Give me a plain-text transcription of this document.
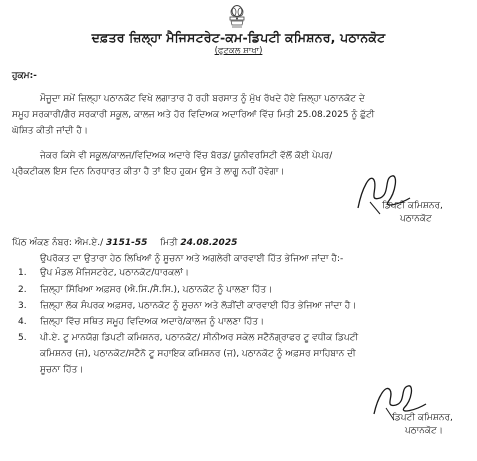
ਦਫ਼ਤਰ ਜ਼ਿਲ੍ਹਾ ਮੈਜਿਸਟਰੇਟ-ਕਮ-ਡਿਪਟੀ ਕਮਿਸ਼ਨਰ, ਪਠਾਨਕੋਟ
(ਫੁਟਕਲ ਸ਼ਾਖਾ)
ਹੁਕਮ:-
ਮੌਜੂਦਾ ਸਮੇਂ ਜ਼ਿਲ੍ਹਾ ਪਠਾਨਕੋਟ ਵਿਖੇ ਲਗਾਤਾਰ ਹੋ ਰਹੀ ਬਰਸਾਤ ਨੂੰ ਮੁੱਖ ਰੱਖਦੇ ਹੋਏ ਜ਼ਿਲ੍ਹਾ ਪਠਾਨਕੋਟ ਦੇ
ਸਮੂਹ ਸਰਕਾਰੀ/ਗੈਰ ਸਰਕਾਰੀ ਸਕੂਲ, ਕਾਲਜ ਅਤੇ ਹੋਰ ਵਿਦਿਅਕ ਅਦਾਰਿਆਂ ਵਿੱਚ ਮਿਤੀ 25.08.2025 ਨੂੰ ਛੁੱਟੀ
ਘੋਸ਼ਿਤ ਕੀਤੀ ਜਾਂਦੀ ਹੈ।
ਜੇਕਰ ਕਿਸੇ ਵੀ ਸਕੂਲ/ਕਾਲਜ/ਵਿਦਿਅਕ ਅਦਾਰੇ ਵਿੱਚ ਬੋਰਡ/ ਯੂਨੀਵਰਸਿਟੀ ਵੱਲੋਂ ਕੋਈ ਪੇਪਰ/
ਪ੍ਰੈਕਟੀਕਲ ਇਸ ਦਿਨ ਨਿਰਧਾਰਤ ਕੀਤਾ ਹੈ ਤਾਂ ਇਹ ਹੁਕਮ ਉਸ ਤੇ ਲਾਗੂ ਨਹੀਂ ਹੋਵੇਗਾ।
ਡਿਪਟੀ ਕਮਿਸ਼ਨਰ,
ਪਠਾਨਕੋਟ
ਪਿੱਠ ਅੰਕਣ ਨੰਬਰ: ਐਮ.ਏ./ 3151-55 ਮਿਤੀ 24.08.2025
ਉਪਰੋਕਤ ਦਾ ਉਤਾਰਾ ਹੇਠ ਲਿਖਿਆਂ ਨੂੰ ਸੂਚਨਾ ਅਤੇ ਅਗਲੇਰੀ ਕਾਰਵਾਈ ਹਿੱਤ ਭੇਜਿਆ ਜਾਂਦਾ ਹੈ:-
1. ਉਪ ਮੰਡਲ ਮੈਜਿਸਟਰੇਟ, ਪਠਾਨਕੋਟ/ਧਾਰਕਲਾਂ।
2. ਜ਼ਿਲ੍ਹਾ ਸਿੱਖਿਆ ਅਫ਼ਸਰ (ਐ.ਸਿ./ਸੈ.ਸਿ.), ਪਠਾਨਕੋਟ ਨੂੰ ਪਾਲਣਾ ਹਿੱਤ।
3. ਜ਼ਿਲ੍ਹਾ ਲੋਕ ਸੰਪਰਕ ਅਫ਼ਸਰ, ਪਠਾਨਕੋਟ ਨੂੰ ਸੂਚਨਾ ਅਤੇ ਲੋੜੀਂਦੀ ਕਾਰਵਾਈ ਹਿੱਤ ਭੇਜਿਆ ਜਾਂਦਾ ਹੈ।
4. ਜ਼ਿਲ੍ਹਾ ਵਿੱਚ ਸਥਿਤ ਸਮੂਹ ਵਿਦਿਅਕ ਅਦਾਰੇ/ਕਾਲਜ ਨੂੰ ਪਾਲਣਾ ਹਿੱਤ।
5. ਪੀ.ਏ. ਟੂ ਮਾਨਯੋਗ ਡਿਪਟੀ ਕਮਿਸ਼ਨਰ, ਪਠਾਨਕੋਟ/ ਸੀਨੀਅਰ ਸਕੇਲ ਸਟੈਨੋਗ੍ਰਾਫਰ ਟੂ ਵਧੀਕ ਡਿਪਟੀ
ਕਮਿਸ਼ਨਰ (ਜ), ਪਠਾਨਕੋਟ/ਸਟੈਨੋ ਟੂ ਸਹਾਇਕ ਕਮਿਸ਼ਨਰ (ਜ), ਪਠਾਨਕੋਟ ਨੂੰ ਅਫ਼ਸਰ ਸਾਹਿਬਾਨ ਦੀ
ਸੂਚਨਾ ਹਿੱਤ।
ਡਿਪਟੀ ਕਮਿਸ਼ਨਰ,
ਪਠਾਨਕੋਟ।
